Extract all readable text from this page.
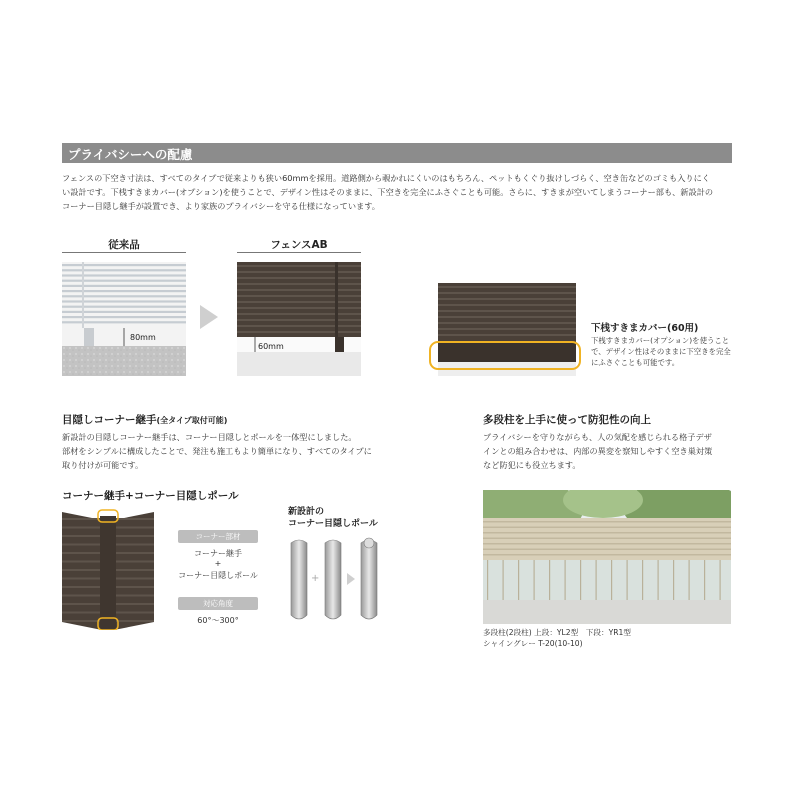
プライバシーへの配慮
フェンスの下空き寸法は、すべてのタイプで従来よりも狭い60mmを採用。道路側から覗かれにくいのはもちろん、ペットもくぐり抜けしづらく、空き缶などのゴミも入りにく
い設計です。下桟すきまカバー(オプション)を使うことで、デザイン性はそのままに、下空きを完全にふさぐことも可能。さらに、すきまが空いてしまうコーナー部も、新設計の
コーナー目隠し継手が設置でき、より家族のプライバシーを守る仕様になっています。
従来品
80mm
フェンスAB
60mm
下桟すきまカバー(60用)
下桟すきまカバー(オプション)を使うこと
で、デザイン性はそのままに下空きを完全
にふさぐことも可能です。
目隠しコーナー継手(全タイプ取付可能)
新設計の目隠しコーナー継手は、コーナー目隠しとポールを一体型にしました。
部材をシンプルに構成したことで、発注も施工もより簡単になり、すべてのタイプに
取り付けが可能です。
多段柱を上手に使って防犯性の向上
プライバシーを守りながらも、人の気配を感じられる格子デザ
インとの組み合わせは、内部の異変を察知しやすく空き巣対策
など防犯にも役立ちます。
コーナー継手+コーナー目隠しポール
コーナー部材
コーナー継手
+
コーナー目隠しポール
対応角度
60°～300°
新設計の
コーナー目隠しポール
+
多段柱(2段柱) 上段：YL2型　下段：YR1型
シャイングレー T-20(10-10)
